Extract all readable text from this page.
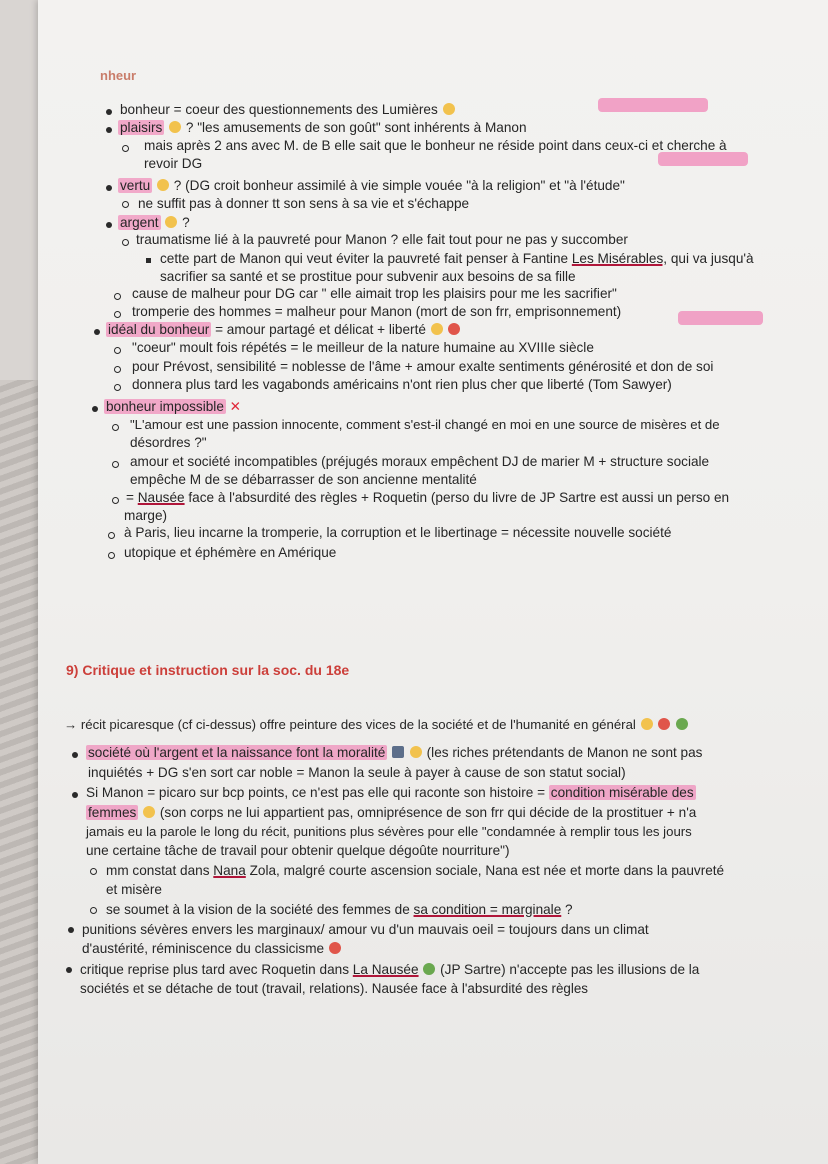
nheur
bonheur = coeur des questionnements des Lumières
plaisirs ? "les amusements de son goût" sont inhérents à Manon
mais après 2 ans avec M. de B elle sait que le bonheur ne réside point dans ceux-ci et cherche à
revoir DG
vertu ? (DG croit bonheur assimilé à vie simple vouée "à la religion" et "à l'étude"
ne suffit pas à donner tt son sens à sa vie et s'échappe
argent ?
traumatisme lié à la pauvreté pour Manon ? elle fait tout pour ne pas y succomber
cette part de Manon qui veut éviter la pauvreté fait penser à Fantine Les Misérables, qui va jusqu'à
sacrifier sa santé et se prostitue pour subvenir aux besoins de sa fille
cause de malheur pour DG car " elle aimait trop les plaisirs pour me les sacrifier"
tromperie des hommes = malheur pour Manon (mort de son frr, emprisonnement)
idéal du bonheur = amour partagé et délicat + liberté
"coeur" moult fois répétés = le meilleur de la nature humaine au XVIIIe siècle
pour Prévost, sensibilité = noblesse de l'âme + amour exalte sentiments générosité et don de soi
donnera plus tard les vagabonds américains n'ont rien plus cher que liberté (Tom Sawyer)
bonheur impossible ✕
"L'amour est une passion innocente, comment s'est-il changé en moi en une source de misères et de
désordres ?"
amour et société incompatibles (préjugés moraux empêchent DJ de marier M + structure sociale
empêche M de se débarrasser de son ancienne mentalité
= Nausée face à l'absurdité des règles + Roquetin (perso du livre de JP Sartre est aussi un perso en
marge)
à Paris, lieu incarne la tromperie, la corruption et le libertinage = nécessite nouvelle société
utopique et éphémère en Amérique
9) Critique et instruction sur la soc. du 18e
→ récit picaresque (cf ci-dessus) offre peinture des vices de la société et de l'humanité en général
société où l'argent et la naissance font la moralité	(les riches prétendants de Manon ne sont pas
inquiétés + DG s'en sort car noble = Manon la seule à payer à cause de son statut social)
Si Manon = picaro sur bcp points, ce n'est pas elle qui raconte son histoire = condition misérable des
femmes (son corps ne lui appartient pas, omniprésence de son frr qui décide de la prostituer + n'a
jamais eu la parole le long du récit, punitions plus sévères pour elle "condamnée à remplir tous les jours
une certaine tâche de travail pour obtenir quelque dégoûte nourriture")
mm constat dans Nana Zola, malgré courte ascension sociale, Nana est née et morte dans la pauvreté
et misère
se soumet à la vision de la société des femmes de sa condition = marginale ?
punitions sévères envers les marginaux/ amour vu d'un mauvais oeil = toujours dans un climat
d'austérité, réminiscence du classicisme
critique reprise plus tard avec Roquetin dans La Nausée (JP Sartre) n'accepte pas les illusions de la
sociétés et se détache de tout (travail, relations). Nausée face à l'absurdité des règles
